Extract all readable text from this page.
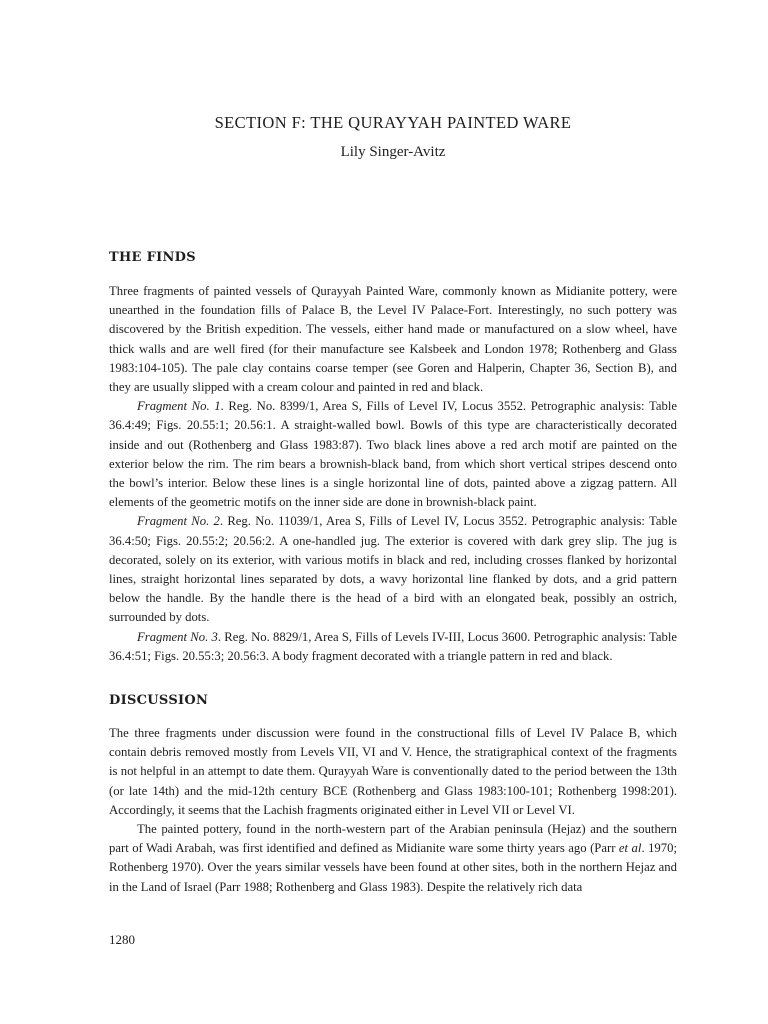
SECTION F: THE QURAYYAH PAINTED WARE
Lily Singer-Avitz
THE FINDS

Three fragments of painted vessels of Qurayyah Painted Ware, commonly known as Midianite pottery, were unearthed in the foundation fills of Palace B, the Level IV Palace-Fort. Interestingly, no such pottery was discovered by the British expedition. The vessels, either hand made or manufactured on a slow wheel, have thick walls and are well fired (for their manufacture see Kalsbeek and London 1978; Rothenberg and Glass 1983:104-105). The pale clay contains coarse temper (see Goren and Halperin, Chapter 36, Section B), and they are usually slipped with a cream colour and painted in red and black.

Fragment No. 1. Reg. No. 8399/1, Area S, Fills of Level IV, Locus 3552. Petrographic analysis: Table 36.4:49; Figs. 20.55:1; 20.56:1. A straight-walled bowl. Bowls of this type are characteristically decorated inside and out (Rothenberg and Glass 1983:87). Two black lines above a red arch motif are painted on the exterior below the rim. The rim bears a brownish-black band, from which short vertical stripes descend onto the bowl’s interior. Below these lines is a single horizontal line of dots, painted above a zigzag pattern. All elements of the geometric motifs on the inner side are done in brownish-black paint.

Fragment No. 2. Reg. No. 11039/1, Area S, Fills of Level IV, Locus 3552. Petrographic analysis: Table 36.4:50; Figs. 20.55:2; 20.56:2. A one-handled jug. The exterior is covered with dark grey slip. The jug is decorated, solely on its exterior, with various motifs in black and red, including crosses flanked by horizontal lines, straight horizontal lines separated by dots, a wavy horizontal line flanked by dots, and a grid pattern below the handle. By the handle there is the head of a bird with an elongated beak, possibly an ostrich, surrounded by dots.

Fragment No. 3. Reg. No. 8829/1, Area S, Fills of Levels IV-III, Locus 3600. Petrographic analysis: Table 36.4:51; Figs. 20.55:3; 20.56:3. A body fragment decorated with a triangle pattern in red and black.

DISCUSSION

The three fragments under discussion were found in the constructional fills of Level IV Palace B, which contain debris removed mostly from Levels VII, VI and V. Hence, the stratigraphical context of the fragments is not helpful in an attempt to date them. Qurayyah Ware is conventionally dated to the period between the 13th (or late 14th) and the mid-12th century BCE (Rothenberg and Glass 1983:100-101; Rothenberg 1998:201). Accordingly, it seems that the Lachish fragments originated either in Level VII or Level VI.

The painted pottery, found in the north-western part of the Arabian peninsula (Hejaz) and the southern part of Wadi Arabah, was first identified and defined as Midianite ware some thirty years ago (Parr et al. 1970; Rothenberg 1970). Over the years similar vessels have been found at other sites, both in the northern Hejaz and in the Land of Israel (Parr 1988; Rothenberg and Glass 1983). Despite the relatively rich data

1280
